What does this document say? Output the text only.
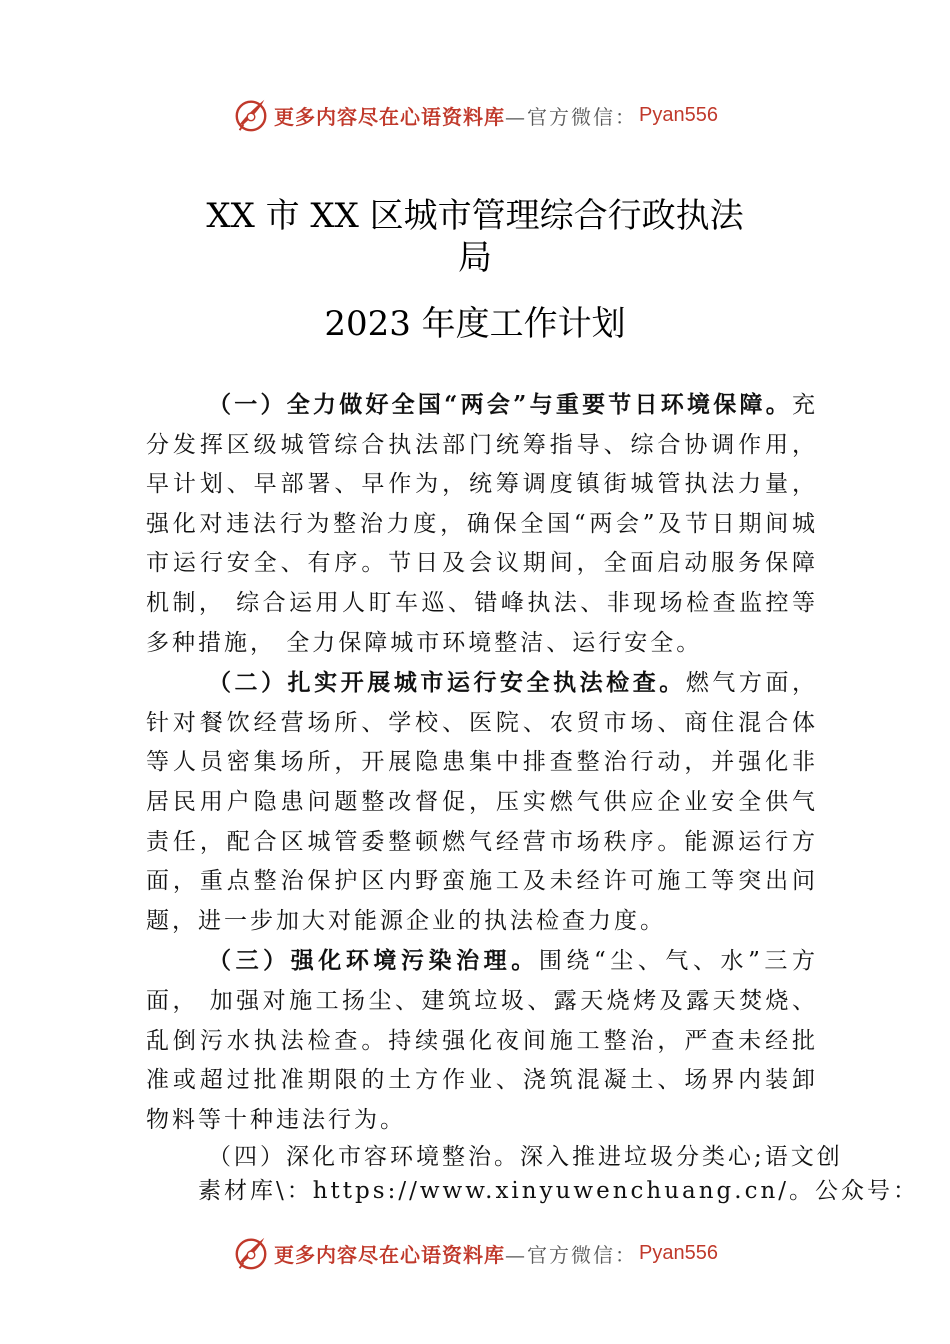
更多内容尽在心语资料库 —官方微信： Pyan556
XX 市 XX 区城市管理综合行政执法
局
2023 年度工作计划

（一）全力做好全国“两会”与重要节日环境保障。充分发挥区级城管综合执法部门统筹指导、综合协调作用，早计划、早部署、早作为，统筹调度镇街城管执法力量，强化对违法行为整治力度，确保全国“两会”及节日期间城市运行安全、有序。节日及会议期间，全面启动服务保障机制， 综合运用人盯车巡、错峰执法、非现场检查监控等多种措施， 全力保障城市环境整洁、运行安全。

（二）扎实开展城市运行安全执法检查。燃气方面，针对餐饮经营场所、学校、医院、农贸市场、商住混合体等人员密集场所，开展隐患集中排查整治行动，并强化非居民用户隐患问题整改督促，压实燃气供应企业安全供气责任，配合区城管委整顿燃气经营市场秩序。能源运行方面，重点整治保护区内野蛮施工及未经许可施工等突出问题，进一步加大对能源企业的执法检查力度。

（三）强化环境污染治理。围绕“尘、气、水”三方面， 加强对施工扬尘、建筑垃圾、露天烧烤及露天焚烧、乱倒污水执法检查。持续强化夜间施工整治，严查未经批准或超过批准期限的土方作业、浇筑混凝土、场界内装卸物料等十种违法行为。

（四）深化市容环境整治。深入推进垃圾分类心;语文创
素材库\：https://www.xinyuwenchuang.cn/。公众号：
更多内容尽在心语资料库 —官方微信： Pyan556
